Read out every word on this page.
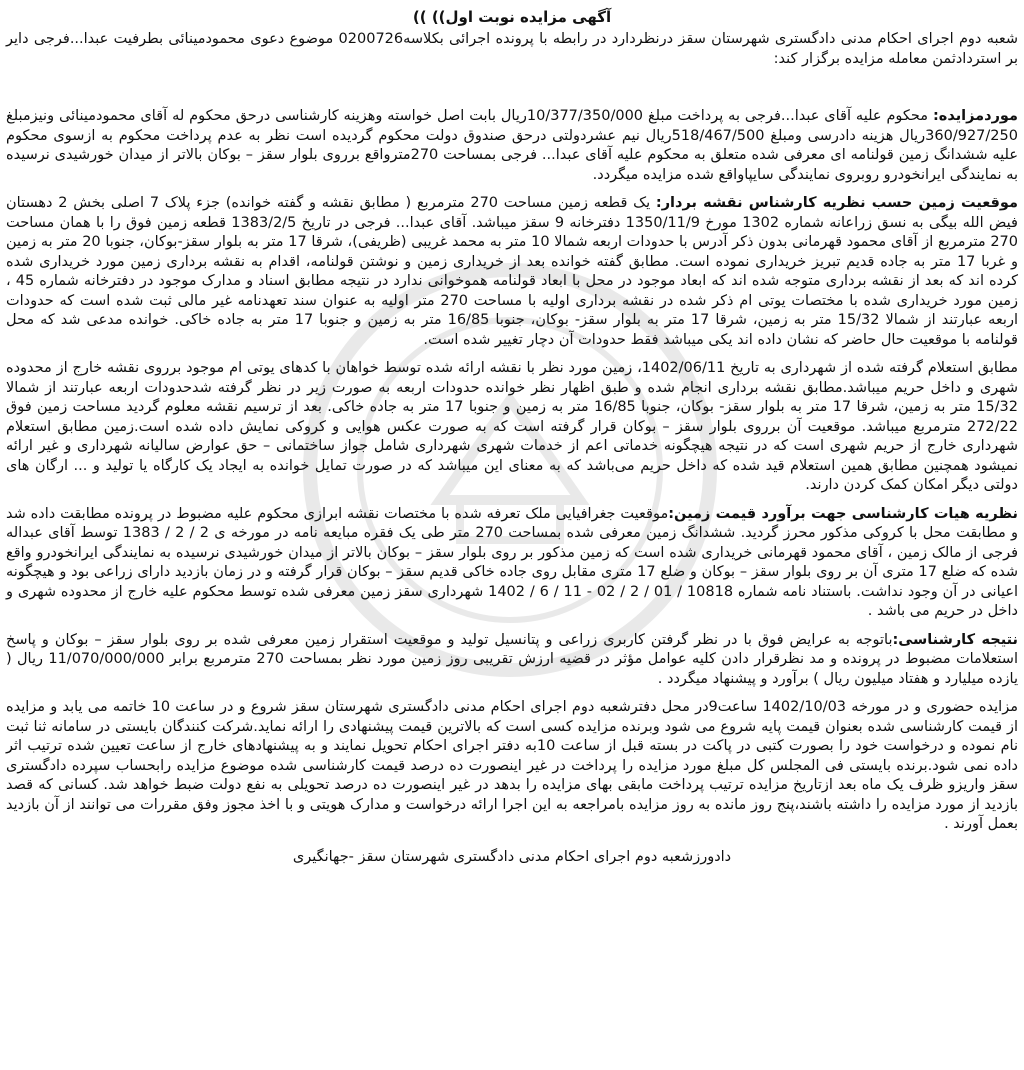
آگهی مزایده نوبت اول)) ))

شعبه دوم اجرای احکام مدنی دادگستری شهرستان سقز درنظردارد در رابطه با پرونده اجرائی بکلاسه0200726 موضوع دعوی محمودمینائی بطرفیت عبدا...فرجی دایر بر استرداد‌ثمن معامله مزایده برگزار کند:

موردمزایده: محکوم علیه آقای عبدا...فرجی به پرداخت مبلغ 10/377/350/000ریال بابت اصل خواسته وهزینه کارشناسی درحق محکوم له آقای محمودمینائی ونیزمبلغ 360/927/250ریال هزینه دادرسی ومبلغ 518/467/500ریال نیم عشردولتی درحق صندوق دولت محکوم گردیده است نظر به عدم پرداخت محکوم به ازسوی محکوم علیه ششدانگ زمین قولنامه ای معرفی شده متعلق به محکوم علیه آقای عبدا... فرجی بمساحت 270مترواقع برروی بلوار سقز – بوکان بالاتر از میدان خورشیدی نرسیده به نمایندگی ایرانخودرو روبروی نمایندگی سایپاواقع شده مزایده میگردد.

موقعیت زمین حسب نظریه کارشناس نقشه بردار: یک قطعه زمین مساحت 270 مترمربع ( مطابق نقشه و گفته خوانده) جزء پلاک 7 اصلی بخش 2 دهستان فیض الله بیگی به نسق زراعانه شماره 1302 مورخ 1350/11/9 دفترخانه 9 سقز میباشد. آقای عبدا... فرجی در تاریخ 1383/2/5 قطعه زمین فوق را با همان مساحت 270 مترمربع از آقای محمود قهرمانی بدون ذکر آدرس با حدودات اربعه شمالا 10 متر به محمد غریبی (ظریفی)، شرقا 17 متر به بلوار سقز-بوکان، جنوبا 20 متر به زمین و غربا 17 متر به جاده قدیم تبریز خریداری نموده است. مطابق گفته خوانده بعد از خریداری زمین و نوشتن قولنامه، اقدام به نقشه برداری زمین مورد خریداری شده کرده اند که بعد از نقشه برداری متوجه شده اند که ابعاد موجود در محل با ابعاد قولنامه هموخوانی ندارد در نتیجه مطابق اسناد و مدارک موجود در دفترخانه شماره 45 ، زمین مورد خریداری شده با مختصات یوتی ام ذکر شده در نقشه برداری اولیه با مساحت 270 متر اولیه به عنوان سند تعهدنامه غیر مالی ثبت شده است که حدودات اربعه عبارتند از شمالا 15/32 متر به زمین، شرقا 17 متر به بلوار سقز- بوکان، جنوبا 16/85 متر به زمین و جنوبا 17 متر به جاده خاکی. خوانده مدعی شد که محل قولنامه با موقعیت حال حاضر که نشان داده اند یکی میباشد فقط حدودات آن دچار تغییر شده است.

مطابق استعلام گرفته شده از شهرداری به تاریخ 1402/06/11، زمین مورد نظر با نقشه ارائه شده توسط خواهان با کدهای یوتی ام موجود برروی نقشه خارج از محدوده شهری و داخل حریم میباشد.مطابق نقشه برداری انجام شده و طبق اظهار نظر خوانده حدودات اربعه به صورت زیر در نظر گرفته شدحدودات اربعه عبارتند از شمالا 15/32 متر به زمین، شرقا 17 متر به بلوار سقز- بوکان، جنوبا 16/85 متر به زمین و جنوبا 17 متر به جاده خاکی. بعد از ترسیم نقشه معلوم گردید مساحت زمین فوق 272/22 مترمربع میباشد. موقعیت آن برروی بلوار سقز – بوکان قرار گرفته است که به صورت عکس هوایی و کروکی نمایش داده شده است.زمین مطابق استعلام شهرداری خارج از حریم شهری است که در نتیجه هیچگونه خدماتی اعم از خدمات شهری شهرداری شامل جواز ساختمانی – حق عوارض سالیانه شهرداری و غیر ارائه نمیشود همچنین مطابق همین استعلام قید شده که داخل حریم می‌باشد که به معنای این میباشد که در صورت تمایل خوانده به ایجاد یک کارگاه یا تولید و ... ارگان های دولتی دیگر امکان کمک کردن دارند.

نظریه هیات کارشناسی جهت برآورد قیمت زمین:موقعیت جغرافیایی ملک تعرفه شده با مختصات نقشه ابرازی محکوم علیه مضبوط در پرونده مطابقت داده شد و مطابقت محل با کروکی مذکور محرز گردید. ششدانگ زمین معرفی شده بمساحت 270 متر طی یک فقره مبایعه نامه در مورخه ی 2 / 2 / 1383 توسط آقای عبداله فرجی از مالک زمین ، آقای محمود قهرمانی خریداری شده است که زمین مذکور بر روی بلوار سقز – بوکان بالاتر از میدان خورشیدی نرسیده به نمایندگی ایرانخودرو واقع شده که ضلع 17 متری آن بر روی بلوار سقز – بوکان و ضلع 17 متری مقابل روی جاده خاکی قدیم سقز – بوکان قرار گرفته و در زمان بازدید دارای زراعی بود و هیچگونه اعیانی در آن وجود نداشت. باستناد نامه شماره 10818 / 01 / 2 / 02 - 11 / 6 / 1402 شهرداری سقز زمین معرفی شده توسط محکوم علیه خارج از محدوده شهری و داخل در حریم می باشد .

نتیجه کارشناسی:باتوجه به عرایض فوق با در نظر گرفتن کاربری زراعی و پتانسیل تولید و موقعیت استقرار زمین معرفی شده بر روی بلوار سقز – بوکان و پاسخ استعلامات مضبوط در پرونده و مد نظرقرار دادن کلیه عوامل مؤثر در قضیه ارزش تقریبی روز زمین مورد نظر بمساحت 270 مترمربع برابر 11/070/000/000 ریال ( یازده میلیارد و هفتاد میلیون ریال ) برآورد و پیشنهاد میگردد .

مزایده حضوری و در مورخه 1402/10/03 ساعت9در محل دفترشعبه دوم اجرای احکام مدنی دادگستری شهرستان سقز شروع و در ساعت 10 خاتمه می یابد و مزایده از قیمت کارشناسی شده بعنوان قیمت پایه شروع می شود وبرنده مزایده کسی است که بالاترین قیمت پیشنهادی را ارائه نماید.شرکت کنندگان بایستی در سامانه ثنا ثبت نام نموده و درخواست خود را بصورت کتبی در پاکت در بسته قبل از ساعت 10به دفتر اجرای احکام تحویل نمایند و به پیشنهادهای خارج از ساعت تعیین شده ترتیب اثر داده نمی شود.برنده بایستی فی المجلس کل مبلغ مورد مزایده را پرداخت در غیر اینصورت ده درصد قیمت کارشناسی شده موضوع مزایده رابحساب سپرده دادگستری سقز واریزو ظرف یک ماه بعد ازتاریخ مزایده ترتیب پرداخت مابقی بهای مزایده را بدهد در غیر اینصورت ده درصد تحویلی به نفع دولت ضبط خواهد شد. کسانی که قصد بازدید از مورد مزایده را داشته باشند،پنج روز مانده به روز مزایده بامراجعه به این اجرا ارائه درخواست و مدارک هویتی و با اخذ مجوز وفق مقررات می توانند از آن بازدید بعمل آورند .

دادورزشعبه دوم اجرای احکام مدنی دادگستری شهرستان سقز -جهانگیری
